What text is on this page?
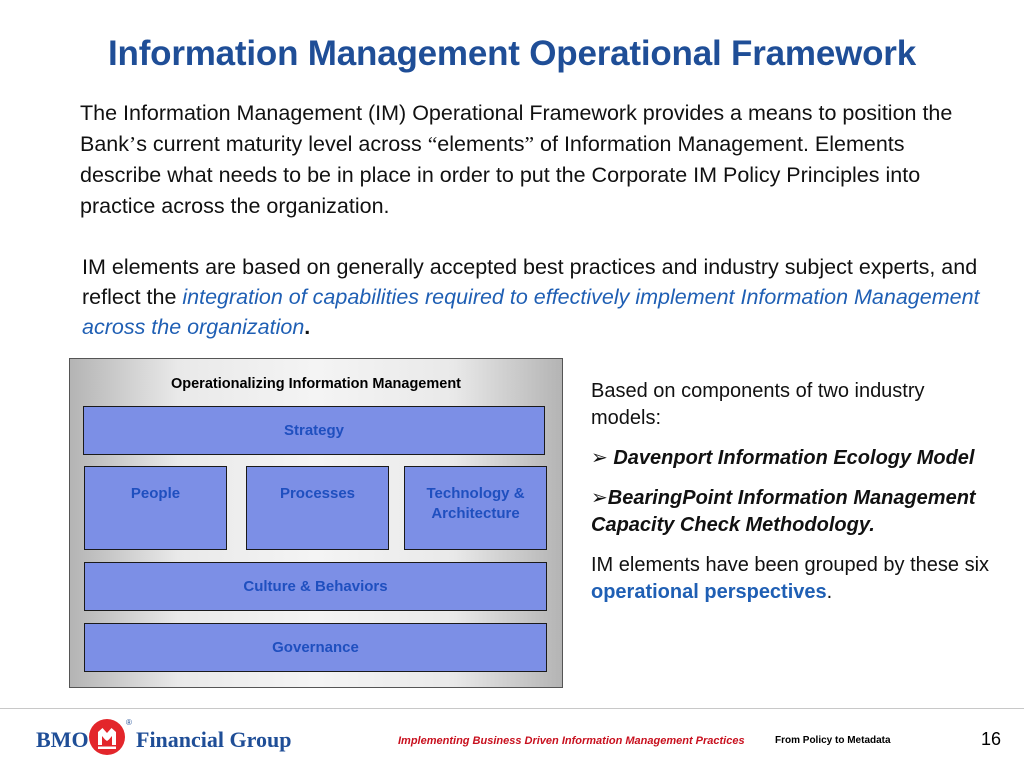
Information Management Operational Framework
The Information Management (IM) Operational Framework provides a means to position the Bank’s current maturity level across “elements” of Information Management. Elements describe what needs to be in place in order to put the Corporate IM Policy Principles into practice across the organization.
IM elements are based on generally accepted best practices and industry subject experts, and reflect the integration of capabilities required to effectively implement Information Management across the organization.
Operationalizing Information Management
Strategy
People	Processes	Technology &
Architecture
Culture & Behaviors
Governance

Based on components of two industry models:

➢ Davenport Information Ecology Model

➢BearingPoint Information Management Capacity Check Methodology.

IM elements have been grouped by these six operational perspectives.

BMO
®
Financial Group	Implementing Business Driven Information Management Practices	From Policy to Metadata	16
